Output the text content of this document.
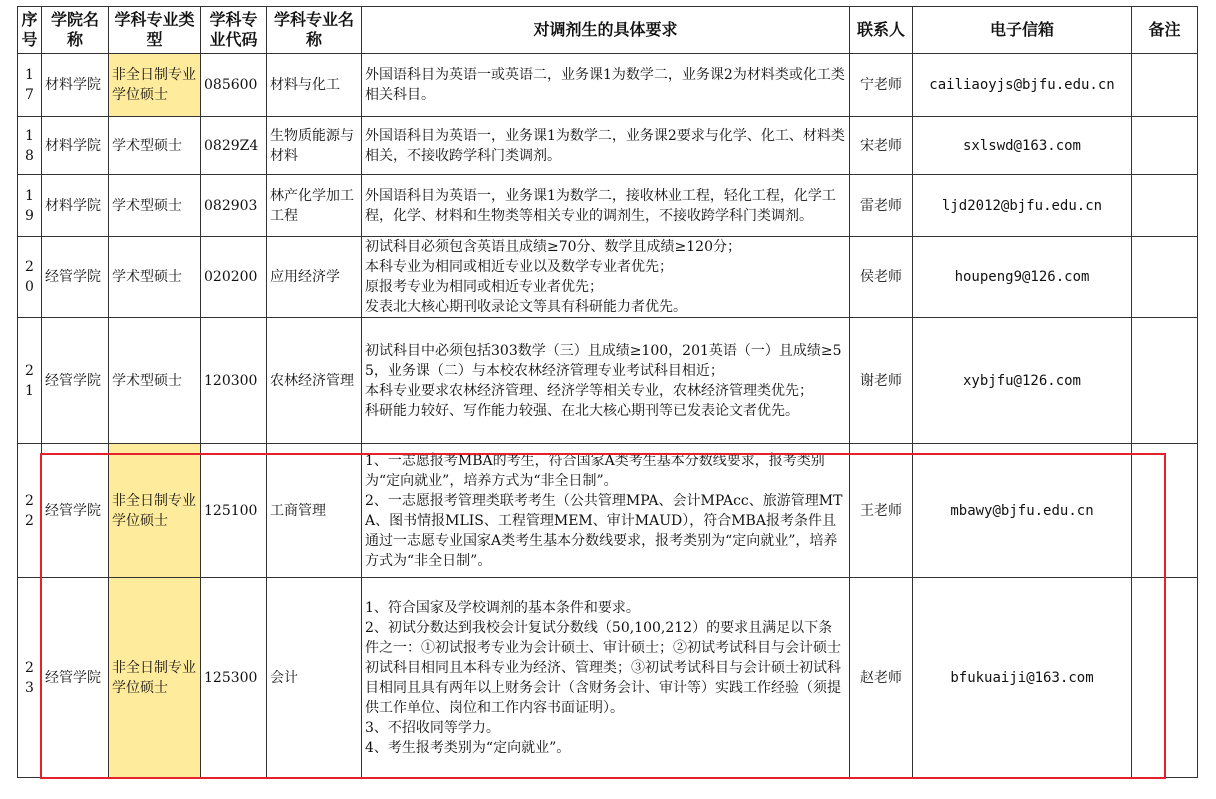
序号	学院名称	学科专业类型	学科专业代码	学科专业名称	对调剂生的具体要求	联系人	电子信箱	备注
17	材料学院	非全日制专业学位硕士	085600	材料与化工	外国语科目为英语一或英语二，业务课1为数学二，业务课2为材料类或化工类相关科目。	宁老师	cailiaoyjs@bjfu.edu.cn	
18	材料学院	学术型硕士	0829Z4	生物质能源与材料	外国语科目为英语一，业务课1为数学二，业务课2要求与化学、化工、材料类相关，不接收跨学科门类调剂。	宋老师	sxlswd@163.com	
19	材料学院	学术型硕士	082903	林产化学加工工程	外国语科目为英语一，业务课1为数学二，接收林业工程，轻化工程，化学工程，化学、材料和生物类等相关专业的调剂生，不接收跨学科门类调剂。	雷老师	ljd2012@bjfu.edu.cn	
20	经管学院	学术型硕士	020200	应用经济学	初试科目必须包含英语且成绩≥70分、数学且成绩≥120分；
本科专业为相同或相近专业以及数学专业者优先；
原报考专业为相同或相近专业者优先；
发表北大核心期刊收录论文等具有科研能力者优先。	侯老师	houpeng9@126.com	
21	经管学院	学术型硕士	120300	农林经济管理	初试科目中必须包括303数学（三）且成绩≥100，201英语（一）且成绩≥55，业务课（二）与本校农林经济管理专业考试科目相近；
本科专业要求农林经济管理、经济学等相关专业，农林经济管理类优先；
科研能力较好、写作能力较强、在北大核心期刊等已发表论文者优先。	谢老师	xybjfu@126.com	
22	经管学院	非全日制专业学位硕士	125100	工商管理	1、一志愿报考MBA的考生，符合国家A类考生基本分数线要求，报考类别为“定向就业”，培养方式为“非全日制”。
2、一志愿报考管理类联考考生（公共管理MPA、会计MPAcc、旅游管理MTA、图书情报MLIS、工程管理MEM、审计MAUD），符合MBA报考条件且通过一志愿专业国家A类考生基本分数线要求，报考类别为“定向就业”，培养方式为“非全日制”。	王老师	mbawy@bjfu.edu.cn	
23	经管学院	非全日制专业学位硕士	125300	会计	1、符合国家及学校调剂的基本条件和要求。
2、初试分数达到我校会计复试分数线（50,100,212）的要求且满足以下条件之一：①初试报考专业为会计硕士、审计硕士；②初试考试科目与会计硕士初试科目相同且本科专业为经济、管理类；③初试考试科目与会计硕士初试科目相同且具有两年以上财务会计（含财务会计、审计等）实践工作经验（须提供工作单位、岗位和工作内容书面证明）。
3、不招收同等学力。
4、考生报考类别为“定向就业”。	赵老师	bfukuaiji@163.com	
